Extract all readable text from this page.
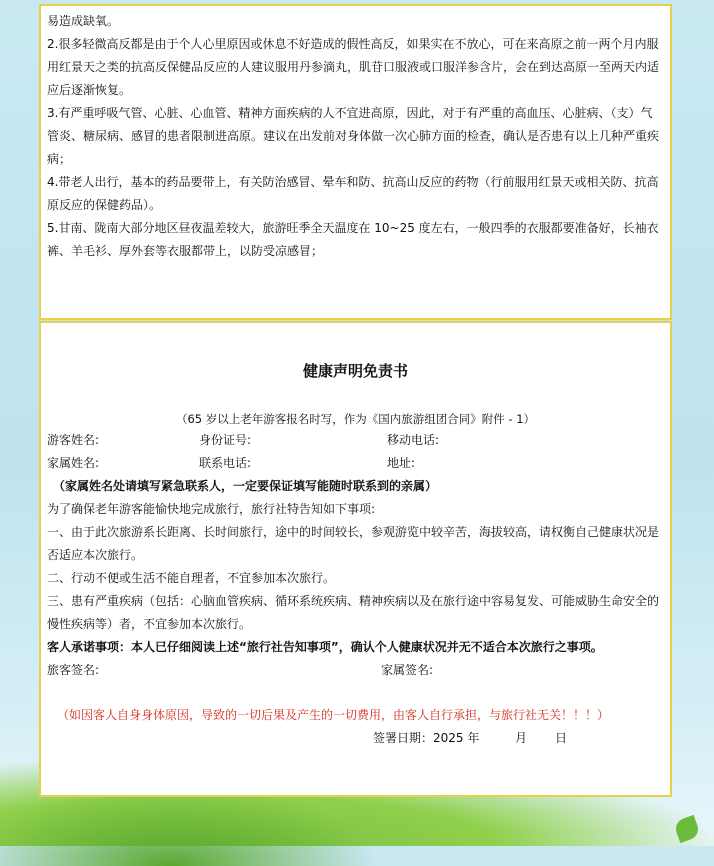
易造成缺氧。

2.很多轻微高反都是由于个人心里原因或休息不好造成的假性高反，如果实在不放心，可在来高原之前一两个月内服用红景天之类的抗高反保健品反应的人建议服用丹参滴丸，肌苷口服液或口服洋参含片，会在到达高原一至两天内适应后逐渐恢复。

3.有严重呼吸气管、心脏、心血管、精神方面疾病的人不宜进高原，因此，对于有严重的高血压、心脏病、（支）气管炎、糖尿病、感冒的患者限制进高原。建议在出发前对身体做一次心肺方面的检查，确认是否患有以上几种严重疾病；

4.带老人出行，基本的药品要带上，有关防治感冒、晕车和防、抗高山反应的药物（行前服用红景天或相关防、抗高原反应的保健药品）。

5.甘南、陇南大部分地区昼夜温差较大，旅游旺季全天温度在 10~25 度左右，一般四季的衣服都要准备好，长袖衣裤、羊毛衫、厚外套等衣服都带上，以防受凉感冒；

健康声明免责书
（65 岁以上老年游客报名时写，作为《国内旅游组团合同》附件 - 1）
游客姓名:	身份证号:	移动电话:
家属姓名:	联系电话:	地址:

（家属姓名处请填写紧急联系人，一定要保证填写能随时联系到的亲属）

为了确保老年游客能愉快地完成旅行，旅行社特告知如下事项:

一、由于此次旅游系长距离、长时间旅行，途中的时间较长，参观游览中较辛苦，海拔较高，请权衡自己健康状况是否适应本次旅行。

二、行动不便或生活不能自理者，不宜参加本次旅行。

三、患有严重疾病（包括：心脑血管疾病、循环系统疾病、精神疾病以及在旅行途中容易复发、可能威胁生命安全的慢性疾病等）者，不宜参加本次旅行。

客人承诺事项：本人已仔细阅读上述“旅行社告知事项”，确认个人健康状况并无不适合本次旅行之事项。

旅客签名:	家属签名:

（如因客人自身身体原因，导致的一切后果及产生的一切费用，由客人自行承担，与旅行社无关！！！）

签署日期：2025 年	月 日
